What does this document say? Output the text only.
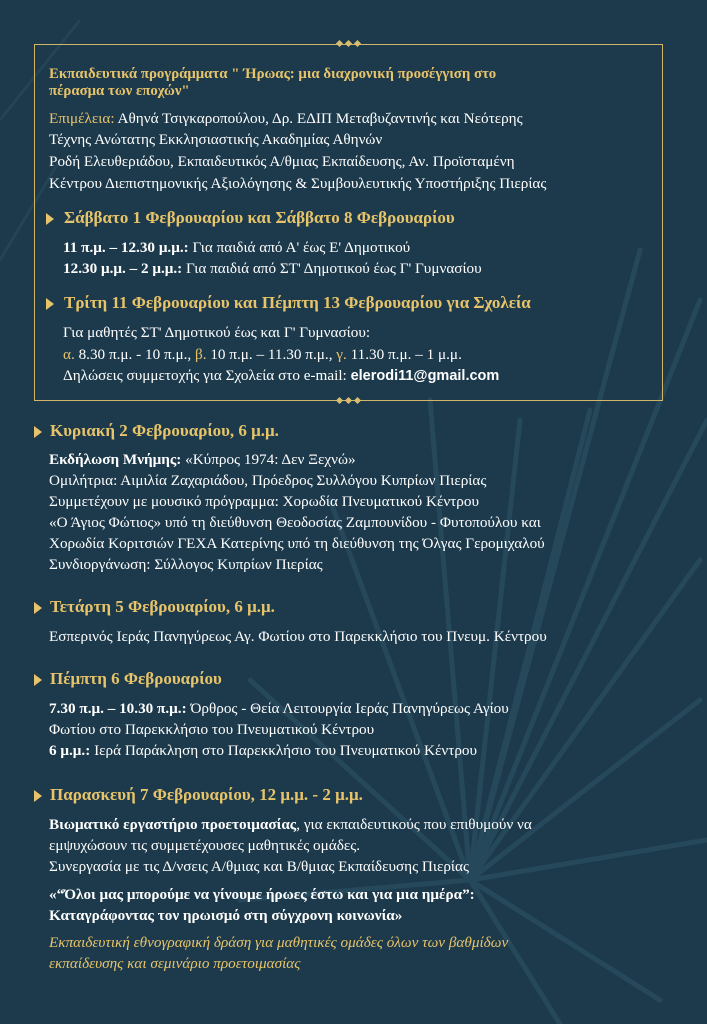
Εκπαιδευτικά προγράμματα " Ήρωας: μια διαχρονική προσέγγιση στο
πέρασμα των εποχών"
Επιμέλεια: Αθηνά Τσιγκαροπούλου, Δρ. ΕΔΙΠ Μεταβυζαντινής και Νεότερης
Τέχνης Ανώτατης Εκκλησιαστικής Ακαδημίας Αθηνών
Ροδή Ελευθεριάδου, Εκπαιδευτικός Α/θμιας Εκπαίδευσης, Αν. Προϊσταμένη
Κέντρου Διεπιστημονικής Αξιολόγησης & Συμβουλευτικής Υποστήριξης Πιερίας
Σάββατο 1 Φεβρουαρίου και Σάββατο 8 Φεβρουαρίου
11 π.μ. – 12.30 μ.μ.: Για παιδιά από Α' έως Ε' Δημοτικού
12.30 μ.μ. – 2 μ.μ.: Για παιδιά από ΣΤ' Δημοτικού έως Γ' Γυμνασίου
Τρίτη 11 Φεβρουαρίου και Πέμπτη 13 Φεβρουαρίου για Σχολεία
Για μαθητές ΣΤ' Δημοτικού έως και Γ' Γυμνασίου:
α. 8.30 π.μ. - 10 π.μ., β. 10 π.μ. – 11.30 π.μ., γ. 11.30 π.μ. – 1 μ.μ.
Δηλώσεις συμμετοχής για Σχολεία στο e-mail: elerodi11@gmail.com
Κυριακή 2 Φεβρουαρίου, 6 μ.μ.
Εκδήλωση Μνήμης: «Κύπρος 1974: Δεν Ξεχνώ»
Ομιλήτρια: Αιμιλία Ζαχαριάδου, Πρόεδρος Συλλόγου Κυπρίων Πιερίας
Συμμετέχουν με μουσικό πρόγραμμα: Χορωδία Πνευματικού Κέντρου
«Ο Άγιος Φώτιος» υπό τη διεύθυνση Θεοδοσίας Ζαμπουνίδου - Φυτοπούλου και
Χορωδία Κοριτσιών ΓΕΧΑ Κατερίνης υπό τη διεύθυνση της Όλγας Γερομιχαλού
Συνδιοργάνωση: Σύλλογος Κυπρίων Πιερίας
Τετάρτη 5 Φεβρουαρίου, 6 μ.μ.
Εσπερινός Ιεράς Πανηγύρεως Αγ. Φωτίου στο Παρεκκλήσιο του Πνευμ. Κέντρου
Πέμπτη 6 Φεβρουαρίου
7.30 π.μ. – 10.30 π.μ.: Όρθρος - Θεία Λειτουργία Ιεράς Πανηγύρεως Αγίου
Φωτίου στο Παρεκκλήσιο του Πνευματικού Κέντρου
6 μ.μ.: Ιερά Παράκληση στο Παρεκκλήσιο του Πνευματικού Κέντρου
Παρασκευή 7 Φεβρουαρίου, 12 μ.μ. - 2 μ.μ.
Βιωματικό εργαστήριο προετοιμασίας, για εκπαιδευτικούς που επιθυμούν να
εμψυχώσουν τις συμμετέχουσες μαθητικές ομάδες.
Συνεργασία με τις Δ/νσεις Α/θμιας και Β/θμιας Εκπαίδευσης Πιερίας
«“Όλοι μας μπορούμε να γίνουμε ήρωες έστω και για μια ημέρα”:
Καταγράφοντας τον ηρωισμό στη σύγχρονη κοινωνία»
Εκπαιδευτική εθνογραφική δράση για μαθητικές ομάδες όλων των βαθμίδων
εκπαίδευσης και σεμινάριο προετοιμασίας
